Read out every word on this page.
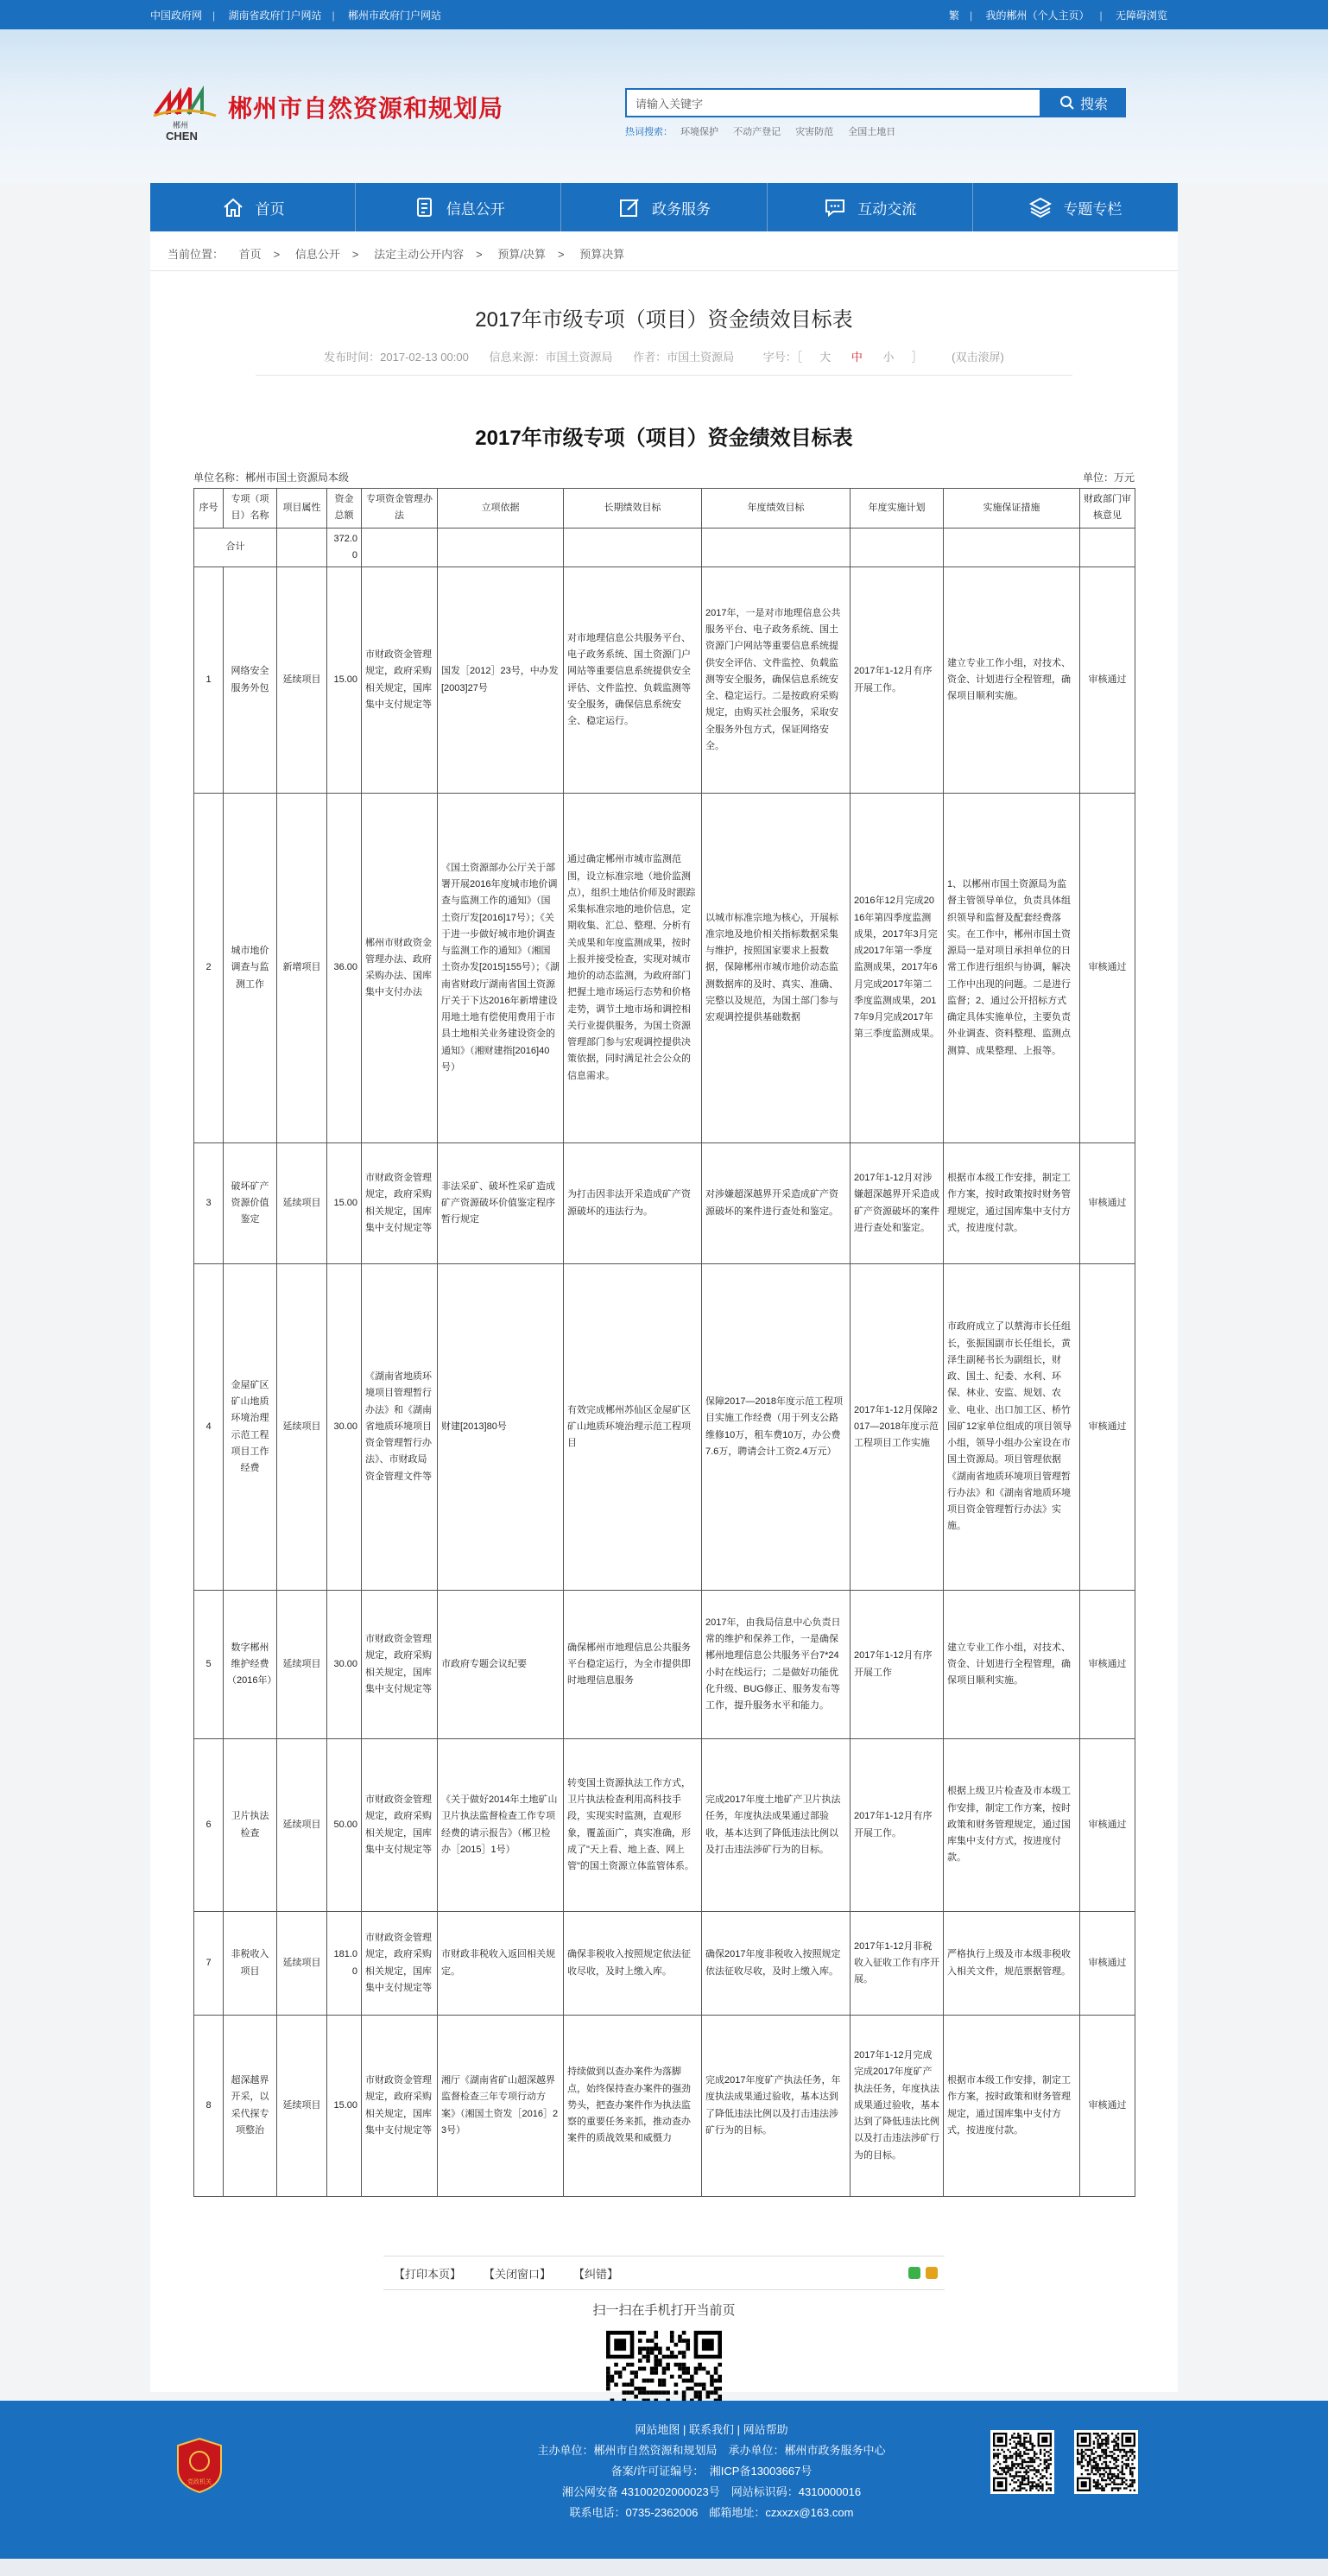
中国政府网 | 湖南省政府门户网站 | 郴州市政府门户网站	繁 | 我的郴州（个人主页） | 无障碍浏览
郴州
CHEN
郴州市自然资源和规划局	请输入关键字	搜索
热词搜索： 环境保护 不动产登记 灾害防范 全国土地日
首页	信息公开	政务服务	互动交流	专题专栏
当前位置： 首页 > 信息公开 > 法定主动公开内容 > 预算/决算 > 预算决算
2017年市级专项（项目）资金绩效目标表
发布时间：2017-02-13 00:00 信息来源：市国土资源局 作者：市国土资源局	字号：［ 大 中 小 ］	(双击滚屏)
2017年市级专项（项目）资金绩效目标表
单位名称：郴州市国土资源局本级	单位：万元
序号	专项（项目）名称	项目属性	资金总额	专项资金管理办法	立项依据	长期绩效目标	年度绩效目标	年度实施计划	实施保证措施	财政部门审核意见
合计			372.00							
1	网络安全服务外包	延续项目	15.00	市财政资金管理规定，政府采购相关规定，国库集中支付规定等	国发［2012］23号，中办发[2003]27号	对市地理信息公共服务平台、电子政务系统、国土资源门户网站等重要信息系统提供安全评估、文件监控、负载监测等安全服务，确保信息系统安全、稳定运行。	2017年，一是对市地理信息公共服务平台、电子政务系统、国土资源门户网站等重要信息系统提供安全评估、文件监控、负载监测等安全服务，确保信息系统安全、稳定运行。二是按政府采购规定，由购买社会服务，采取安全服务外包方式，保证网络安全。	2017年1-12月有序开展工作。	建立专业工作小组，对技术、资金、计划进行全程管理，确保项目顺利实施。	审核通过
2	城市地价调查与监测工作	新增项目	36.00	郴州市财政资金管理办法、政府采购办法、国库集中支付办法	《国土资源部办公厅关于部署开展2016年度城市地价调查与监测工作的通知》（国土资厅发[2016]17号）；《关于进一步做好城市地价调查与监测工作的通知》（湘国土资办发[2015]155号）；《湖南省财政厅湖南省国土资源厅关于下达2016年新增建设用地土地有偿使用费用于市县土地相关业务建设资金的通知》（湘财建指[2016]40号）	通过确定郴州市城市监测范围，设立标准宗地（地价监测点），组织土地估价师及时跟踪采集标准宗地的地价信息，定期收集、汇总、整理、分析有关成果和年度监测成果，按时上报并接受检查，实现对城市地价的动态监测，为政府部门把握土地市场运行态势和价格走势，调节土地市场和调控相关行业提供服务，为国土资源管理部门参与宏观调控提供决策依据，同时满足社会公众的信息需求。	以城市标准宗地为核心，开展标准宗地及地价相关指标数据采集与维护，按照国家要求上报数据，保障郴州市城市地价动态监测数据库的及时、真实、准确、完整以及规范，为国土部门参与宏观调控提供基础数据	2016年12月完成2016年第四季度监测成果，2017年3月完成2017年第一季度监测成果，2017年6月完成2017年第二季度监测成果，2017年9月完成2017年第三季度监测成果。	1、以郴州市国土资源局为监督主管领导单位，负责具体组织领导和监督及配套经费落实。在工作中，郴州市国土资源局一是对项目承担单位的日常工作进行组织与协调，解决工作中出现的问题。二是进行监督；2、通过公开招标方式确定具体实施单位，主要负责外业调查、资料整理、监测点测算、成果整理、上报等。	审核通过
3	破坏矿产资源价值鉴定	延续项目	15.00	市财政资金管理规定，政府采购相关规定，国库集中支付规定等	非法采矿、破坏性采矿造成矿产资源破坏价值鉴定程序暂行规定	为打击因非法开采造成矿产资源破坏的违法行为。	对涉嫌超深越界开采造成矿产资源破坏的案件进行查处和鉴定。	2017年1-12月对涉嫌超深越界开采造成矿产资源破坏的案件进行查处和鉴定。	根据市本级工作安排，制定工作方案，按时政策按时财务管理规定，通过国库集中支付方式，按进度付款。	审核通过
4	金屋矿区矿山地质环境治理示范工程项目工作经费	延续项目	30.00	《湖南省地质环境项目管理暂行办法》和《湖南省地质环境项目资金管理暂行办法》、市财政局资金管理文件等	财建[2013]80号	有效完成郴州苏仙区金屋矿区矿山地质环境治理示范工程项目	保障2017—2018年度示范工程项目实施工作经费（用于列支公路维修10万，租车费10万，办公费7.6万，聘请会计工资2.4万元）	2017年1-12月保障2017—2018年度示范工程项目工作实施	市政府成立了以蔡海市长任组长，张振国副市长任组长，黄泽生副秘书长为副组长，财政、国土、纪委、水利、环保、林业、安监、规划、农业、电业、出口加工区、桥竹园矿12家单位组成的项目领导小组，领导小组办公室设在市国土资源局。项目管理依据《湖南省地质环境项目管理暂行办法》和《湖南省地质环境项目资金管理暂行办法》实施。	审核通过
5	数字郴州维护经费（2016年）	延续项目	30.00	市财政资金管理规定，政府采购相关规定，国库集中支付规定等	市政府专题会议纪要	确保郴州市地理信息公共服务平台稳定运行，为全市提供即时地理信息服务	2017年，由我局信息中心负责日常的维护和保养工作，一是确保郴州地理信息公共服务平台7*24小时在线运行；二是做好功能优化升级、BUG修正、服务发布等工作，提升服务水平和能力。	2017年1-12月有序开展工作	建立专业工作小组，对技术、资金、计划进行全程管理，确保项目顺利实施。	审核通过
6	卫片执法检查	延续项目	50.00	市财政资金管理规定，政府采购相关规定，国库集中支付规定等	《关于做好2014年土地矿山卫片执法监督检查工作专项经费的请示报告》（郴卫检办［2015］1号）	转变国土资源执法工作方式，卫片执法检查利用高科技手段，实现实时监测，直观形象，覆盖面广，真实准确，形成了"天上看、地上查、网上管"的国土资源立体监管体系。	完成2017年度土地矿产卫片执法任务，年度执法成果通过部验收，基本达到了降低违法比例以及打击违法涉矿行为的目标。	2017年1-12月有序开展工作。	根据上级卫片检查及市本级工作安排，制定工作方案，按时政策和财务管理规定，通过国库集中支付方式，按进度付款。	审核通过
7	非税收入项目	延续项目	181.00	市财政资金管理规定，政府采购相关规定，国库集中支付规定等	市财政非税收入返回相关规定。	确保非税收入按照规定依法征收尽收，及时上缴入库。	确保2017年度非税收入按照规定依法征收尽收，及时上缴入库。	2017年1-12月非税收入征收工作有序开展。	严格执行上级及市本级非税收入相关文件，规范票据管理。	审核通过
8	超深越界开采，以采代探专项整治	延续项目	15.00	市财政资金管理规定，政府采购相关规定，国库集中支付规定等	湘厅《湖南省矿山超深越界监督检查三年专项行动方案》（湘国土资发［2016］23号）	持续做到以查办案件为落脚点，始终保持查办案件的强劲势头，把查办案件作为执法监察的重要任务来抓，推动查办案件的质战效果和威慑力	完成2017年度矿产执法任务，年度执法成果通过验收，基本达到了降低违法比例以及打击违法涉矿行为的目标。	2017年1-12月完成完成2017年度矿产执法任务，年度执法成果通过验收，基本达到了降低违法比例以及打击违法涉矿行为的目标。	根据市本级工作安排，制定工作方案，按时政策和财务管理规定，通过国库集中支付方式，按进度付款。	审核通过
【打印本页】 【关闭窗口】 【纠错】
扫一扫在手机打开当前页
党政机关
网站地图 | 联系我们 | 网站帮助
主办单位：郴州市自然资源和规划局　承办单位：郴州市政务服务中心
备案/许可证编号：　湘ICP备13003667号
湘公网安备 43100202000023号　网站标识码：4310000016
联系电话：0735-2362006　邮箱地址：czxxzx@163.com
